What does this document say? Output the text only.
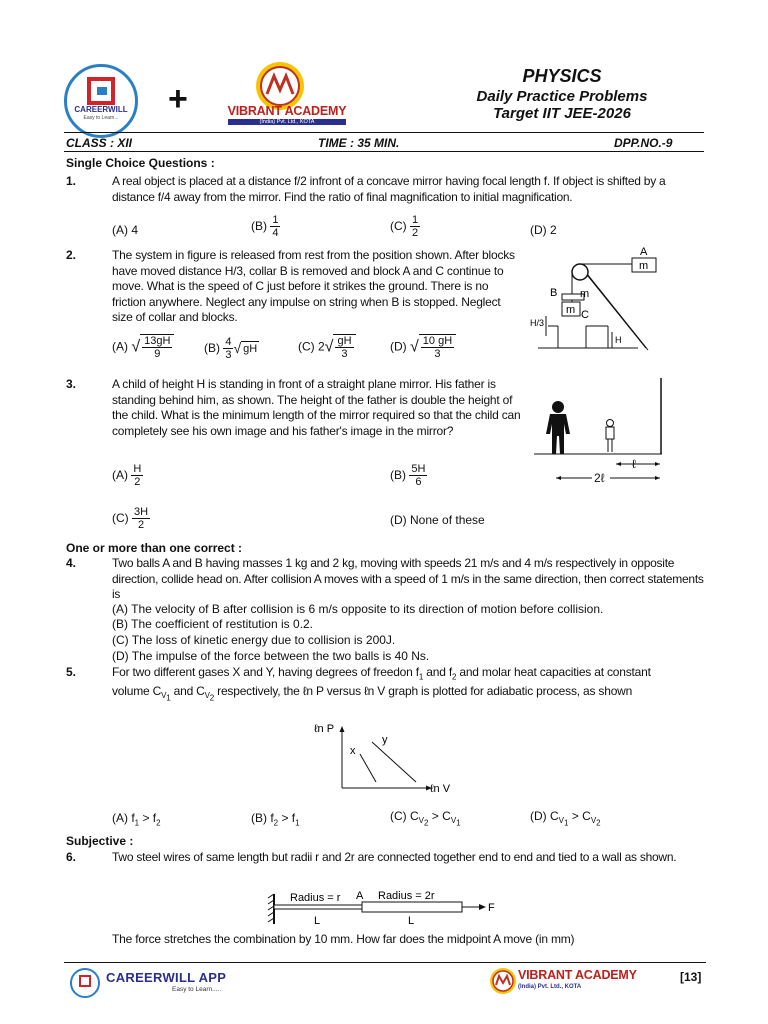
CAREERWILL
Easy to Learn...	+	VIBRANT ACADEMY
(India) Pvt. Ltd., KOTA
PHYSICS
Daily Practice Problems
Target IIT JEE-2026
CLASS : XII	TIME : 35 MIN.	DPP.NO.-9
Single Choice Questions :
1.	A real object is placed at a distance f/2 infront of a concave mirror having focal length f. If object is shifted by a distance f/4 away from the mirror. Find the ratio of final magnification to initial magnification.
(A) 4	$(B) \frac{1}{4}$	$(C) \frac{1}{2}$	(D) 2
2.	The system in figure is released from rest from the position shown. After blocks have moved distance H/3, collar B is removed and block A and C continue to move. What is the speed of C just before it strikes the ground. There is no friction anywhere. Neglect any impulse on string when B is stopped. Neglect size of collar and blocks.
(A) √ $\frac{13gH}{9} (B) \frac{4}{3}$ √ gH	(C) $2√ \frac{gH}{3}$	(D) √ $\frac{10 gH}{3}$
A
m
B m
m C
H/3
H
3.	A child of height H is standing in front of a straight plane mirror. His father is standing behind him, as shown. The height of the father is double the height of the child. What is the minimum length of the mirror required so that the child can completely see his own image and his father's image in the mirror?
$(A) \frac{H}{2}$	$(B) \frac{5H}{6}$
$(C) \frac{3H}{2}$	(D) None of these
ℓ
2ℓ
One or more than one correct :
4.	Two balls A and B having masses 1 kg and 2 kg, moving with speeds 21 m/s and 4 m/s respectively in opposite direction, collide head on. After collision A moves with a speed of 1 m/s in the same direction, then correct statements is
(A) The velocity of B after collision is 6 m/s opposite to its direction of motion before collision.
(B) The coefficient of restitution is 0.2.
(C) The loss of kinetic energy due to collision is 200J.
(D) The impulse of the force between the two balls is 40 Ns.
5.	For two different gases X and Y, having degrees of freedon $f_1$ and $f_2$ and molar heat capacities at constant
volume $C_{V_1}$ and $C_{V_2}$ respectively, the ℓn P versus ℓn V graph is plotted for adiabatic process, as shown
ℓn P
ℓn V
x
y
(A) $f_1 > f_2$	(B) $f_2 > f_1$	(C) $C_{V_2} > C_{V_1}$
(D) $C_{V_1} > C_{V_2}$
Subjective :
6.	Two steel wires of same length but radii r and 2r are connected together end to end and tied to a wall as shown.
Radius = r A Radius = 2r
L	L
F
The force stretches the combination by 10 mm. How far does the midpoint A move (in mm)
CAREERWILL APP
Easy to Learn.....
VIBRANT ACADEMY
(India) Pvt. Ltd., KOTA
[13]
